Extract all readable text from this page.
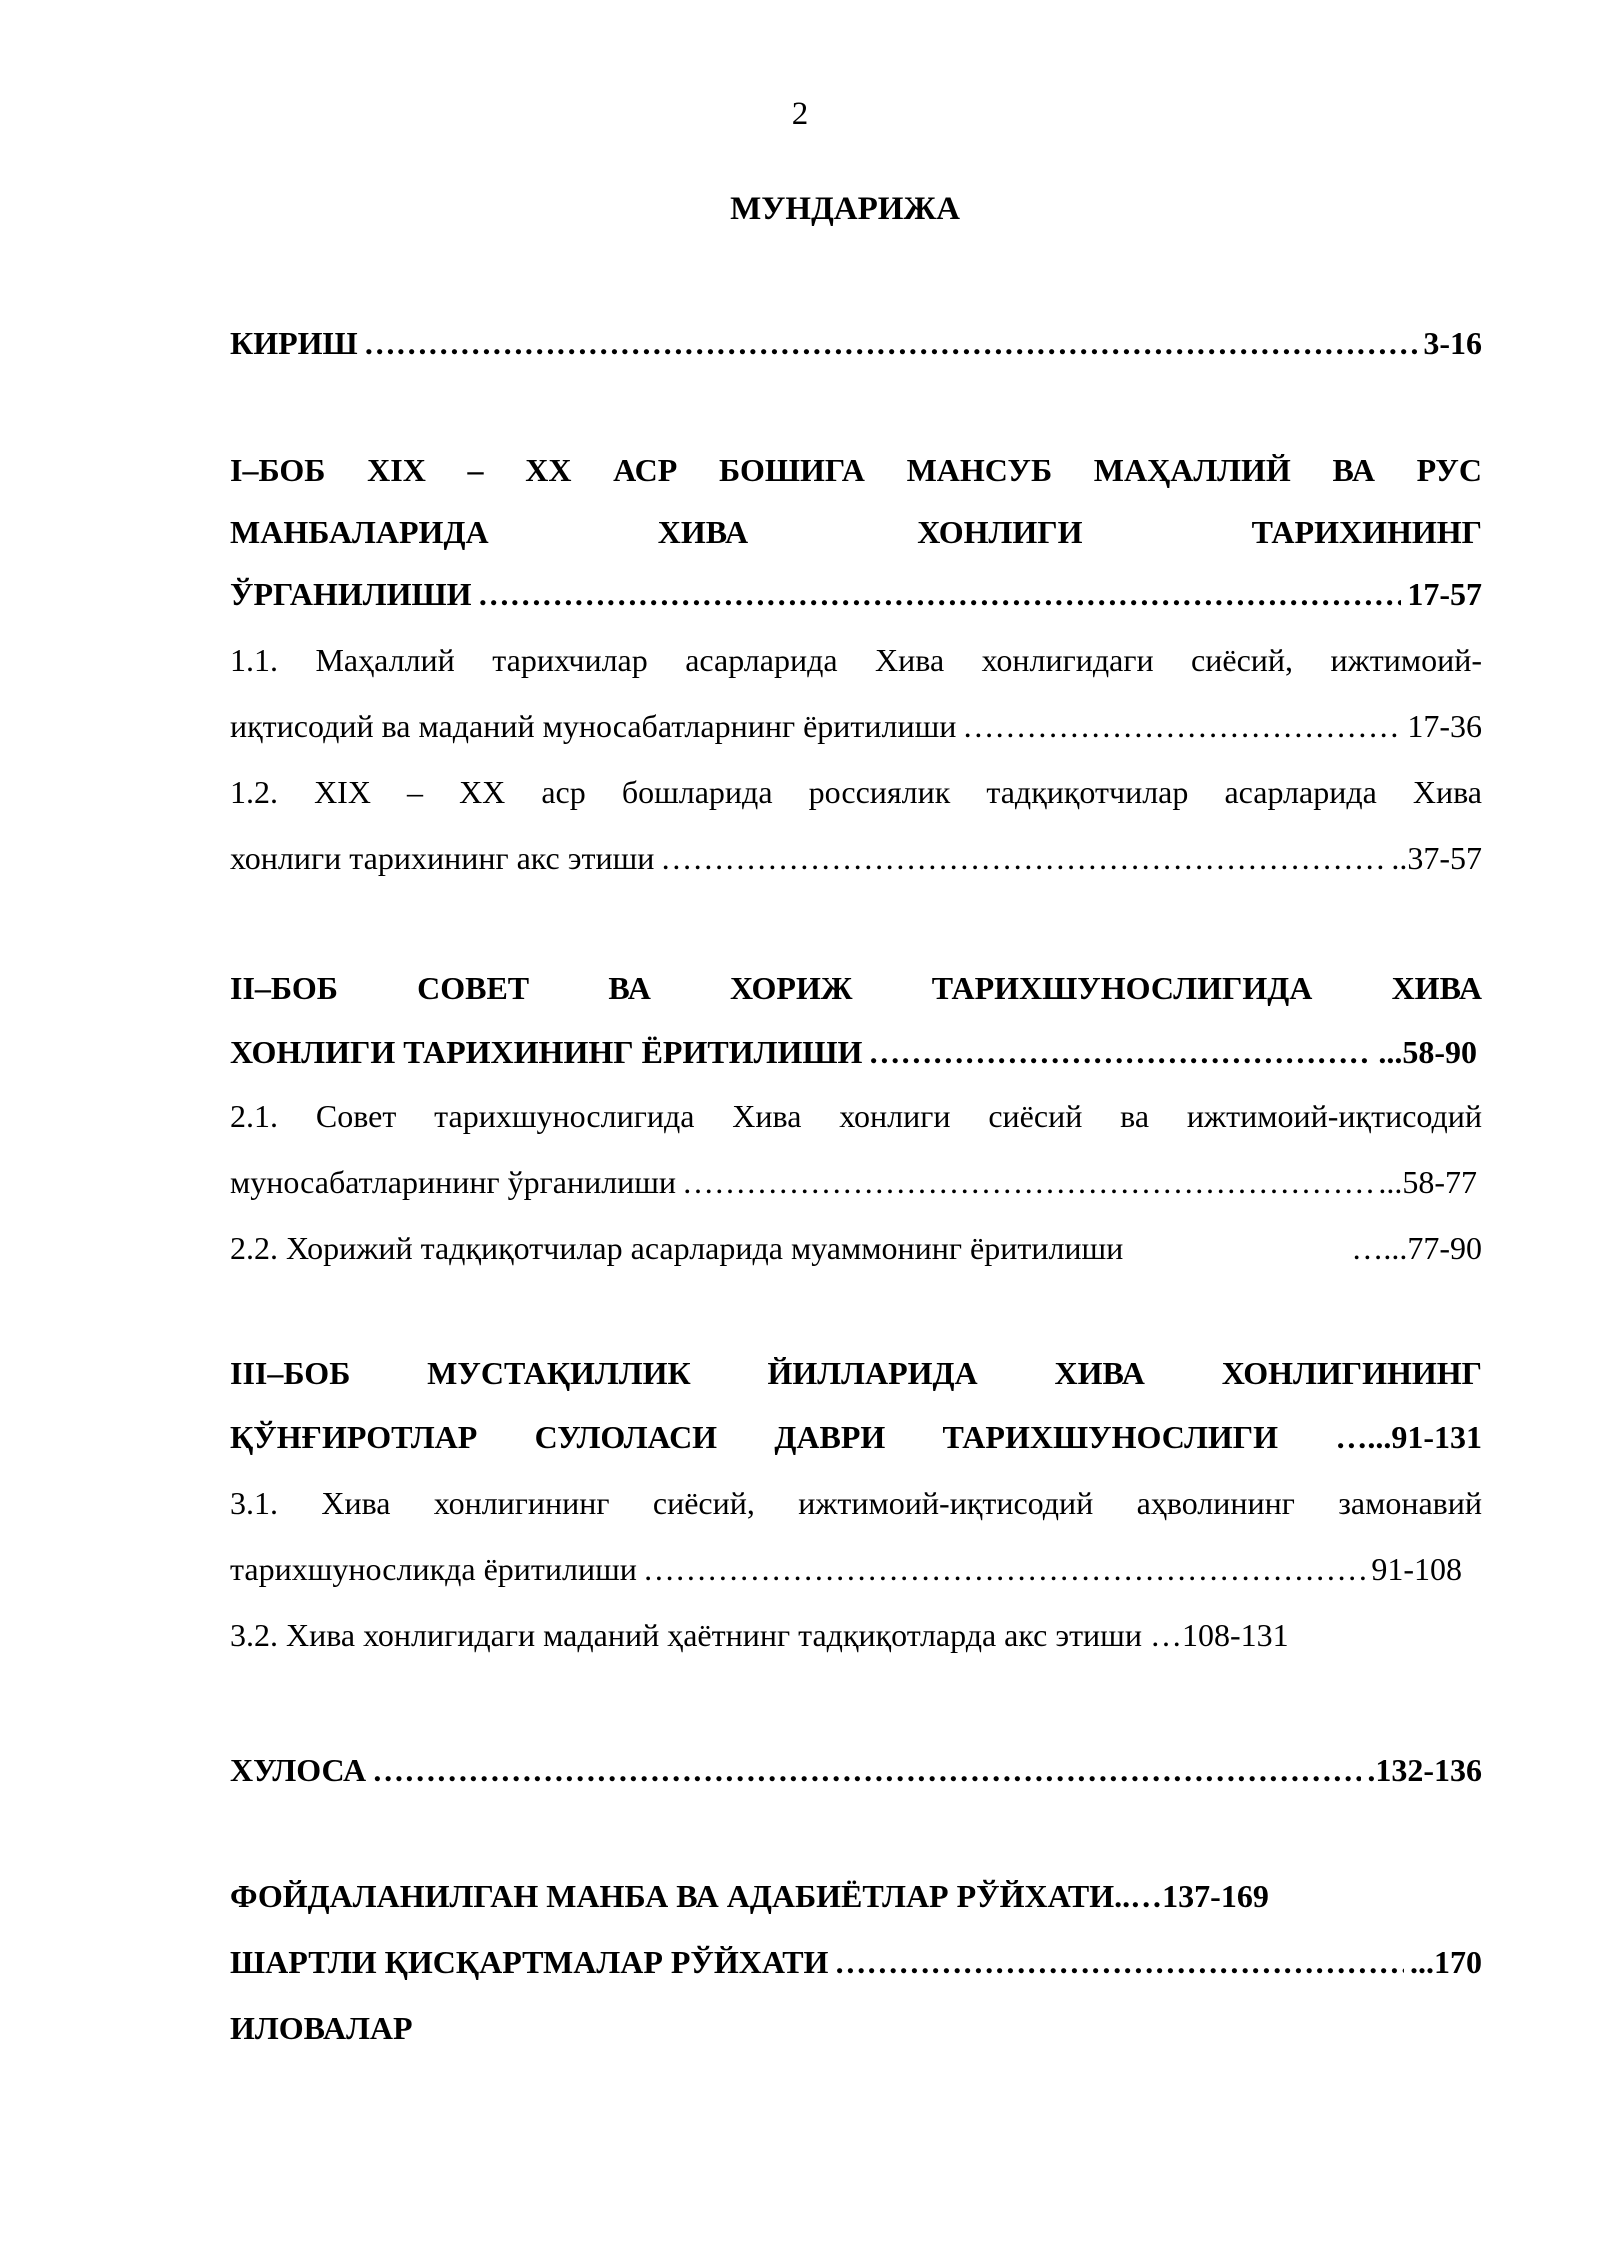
2
МУНДАРИЖА
КИРИШ ………………………………………………………………………………………………………………………………………………………………	3-16
I–БОБ XIX – XX АСР БОШИГА МАНСУБ МАҲАЛЛИЙ ВА РУС
МАНБАЛАРИДА ХИВА ХОНЛИГИ ТАРИХИНИНГ
ЎРГАНИЛИШИ ………………………………………………………………………………………………………………………………………………………………	17-57
1.1. Маҳаллий тарихчилар асарларида Хива хонлигидаги сиёсий, ижтимоий-
иқтисодий ва маданий муносабатларнинг ёритилиши ………………………………………………………………………………………………………………………………………………………………	17-36
1.2. XIX – XX аср бошларида россиялик тадқиқотчилар асарларида Хива
хонлиги тарихининг акс этиши ………………………………………………………………………………………………………………………………………………………………	..37-57
II–БОБ СОВЕТ ВА ХОРИЖ ТАРИХШУНОСЛИГИДА ХИВА
ХОНЛИГИ ТАРИХИНИНГ ЁРИТИЛИШИ ………………………………………………………………………………………………………………………………………………………………	...58-90
2.1. Совет тарихшунослигида Хива хонлиги сиёсий ва ижтимоий-иқтисодий
муносабатларининг ўрганилиши ………………………………………………………………………………………………………………………………………………………………	...58-77
2.2. Хорижий тадқиқотчилар асарларида муаммонинг ёритилиши	…...77-90
III–БОБ МУСТАҚИЛЛИК ЙИЛЛАРИДА ХИВА ХОНЛИГИНИНГ
ҚЎНҒИРОТЛАР СУЛОЛАСИ ДАВРИ ТАРИХШУНОСЛИГИ …...91-131
3.1. Хива хонлигининг сиёсий, ижтимоий-иқтисодий аҳволининг замонавий
тарихшуносликда ёритилиши ………………………………………………………………………………………………………………………………………………………………	91-108
3.2. Хива хонлигидаги маданий ҳаётнинг тадқиқотларда акс этиши …108-131
ХУЛОСА ………………………………………………………………………………………………………………………………………………………………	.132-136
ФОЙДАЛАНИЛГАН МАНБА ВА АДАБИЁТЛАР РЎЙХАТИ..…137-169
ШАРТЛИ ҚИСҚАРТМАЛАР РЎЙХАТИ ………………………………………………………………………………………………………………………………………………………………	...170
ИЛОВАЛАР
